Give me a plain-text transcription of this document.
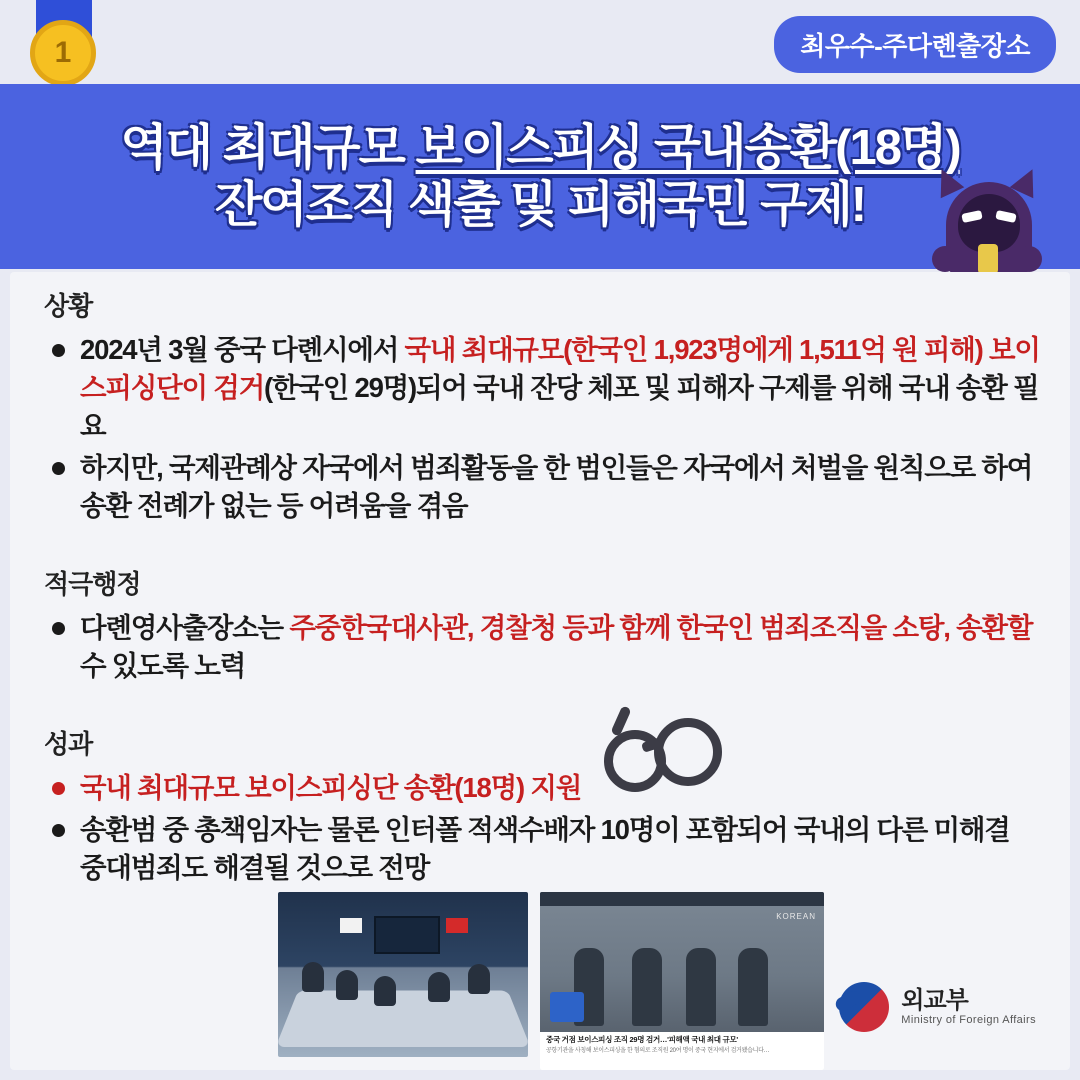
1	최우수-주다롄출장소
역대 최대규모 보이스피싱 국내송환(18명)
잔여조직 색출 및 피해국민 구제!
상황
2024년 3월 중국 다롄시에서 국내 최대규모(한국인 1,923명에게 1,511억 원 피해) 보이스피싱단이 검거(한국인 29명)되어 국내 잔당 체포 및 피해자 구제를 위해 국내 송환 필요
하지만, 국제관례상 자국에서 범죄활동을 한 범인들은 자국에서 처벌을 원칙으로 하여 송환 전례가 없는 등 어려움을 겪음
적극행정
다롄영사출장소는 주중한국대사관, 경찰청 등과 함께 한국인 범죄조직을 소탕, 송환할 수 있도록 노력
성과
국내 최대규모 보이스피싱단 송환(18명) 지원
송환범 중 총책임자는 물론 인터폴 적색수배자 10명이 포함되어 국내의 다른 미해결 중대범죄도 해결될 것으로 전망
KOREAN
중국 거점 보이스피싱 조직 29명 검거…'피해액 국내 최대 규모'
공항기관을 사칭해 보이스피싱을 한 혐의로 조직원 20여 명이 중국 현지에서 검거됐습니다…
외교부
Ministry of Foreign Affairs
